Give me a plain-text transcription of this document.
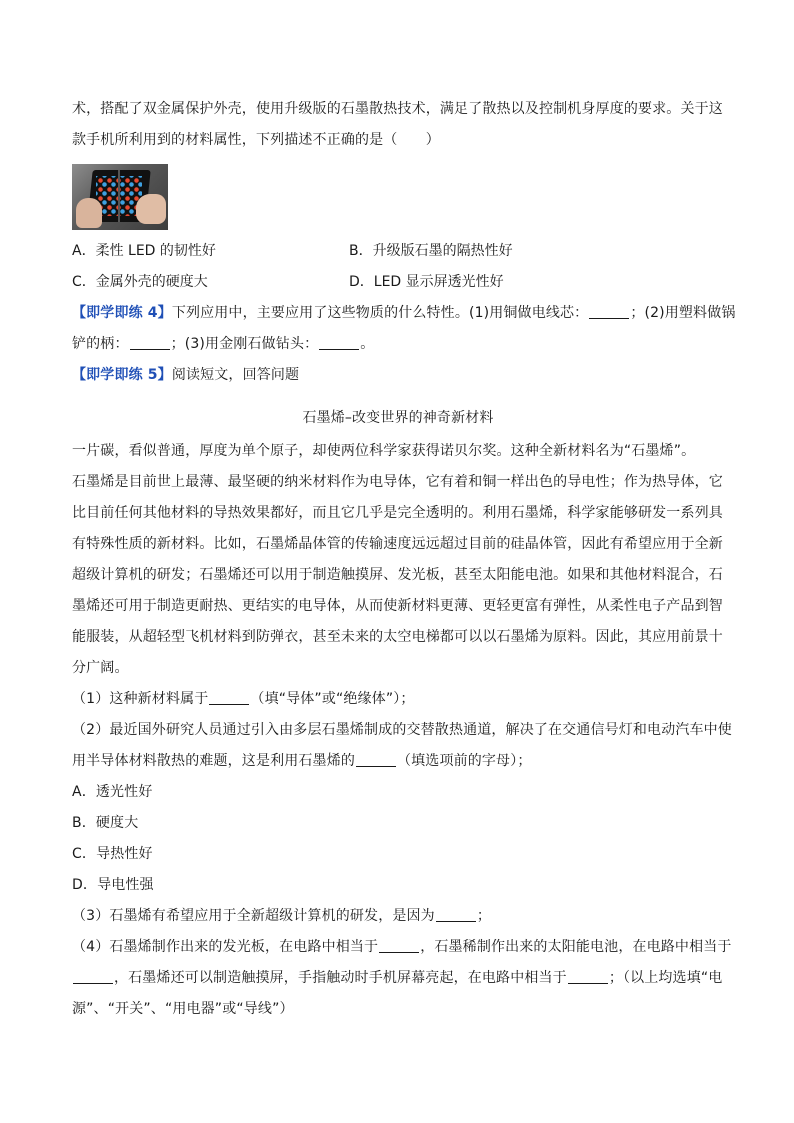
术，搭配了双金属保护外壳，使用升级版的石墨散热技术，满足了散热以及控制机身厚度的要求。关于这
款手机所利用到的材料属性，下列描述不正确的是（　　）
A．柔性 LED 的韧性好	B．升级版石墨的隔热性好
C．金属外壳的硬度大	D．LED 显示屏透光性好
【即学即练 4】下列应用中，主要应用了这些物质的什么特性。(1)用铜做电线芯：	；(2)用塑料做锅
铲的柄：	；(3)用金刚石做钻头：	。
【即学即练 5】阅读短文，回答问题
石墨烯–改变世界的神奇新材料
一片碳，看似普通，厚度为单个原子，却使两位科学家获得诺贝尔奖。这种全新材料名为“石墨烯”。
石墨烯是目前世上最薄、最坚硬的纳米材料作为电导体，它有着和铜一样出色的导电性；作为热导体，它
比目前任何其他材料的导热效果都好，而且它几乎是完全透明的。利用石墨烯，科学家能够研发一系列具
有特殊性质的新材料。比如，石墨烯晶体管的传输速度远远超过目前的硅晶体管，因此有希望应用于全新
超级计算机的研发；石墨烯还可以用于制造触摸屏、发光板，甚至太阳能电池。如果和其他材料混合，石
墨烯还可用于制造更耐热、更结实的电导体，从而使新材料更薄、更轻更富有弹性，从柔性电子产品到智
能服装，从超轻型飞机材料到防弹衣，甚至未来的太空电梯都可以以石墨烯为原料。因此，其应用前景十
分广阔。
（1）这种新材料属于	（填“导体”或“绝缘体”）；
（2）最近国外研究人员通过引入由多层石墨烯制成的交替散热通道，解决了在交通信号灯和电动汽车中使
用半导体材料散热的难题，这是利用石墨烯的	（填选项前的字母）；
A．透光性好
B．硬度大
C．导热性好
D．导电性强
（3）石墨烯有希望应用于全新超级计算机的研发，是因为	；
（4）石墨烯制作出来的发光板，在电路中相当于	，石墨稀制作出来的太阳能电池，在电路中相当于
，石墨烯还可以制造触摸屏，手指触动时手机屏幕亮起，在电路中相当于	；（以上均选填“电
源”、“开关”、“用电器”或“导线”）
